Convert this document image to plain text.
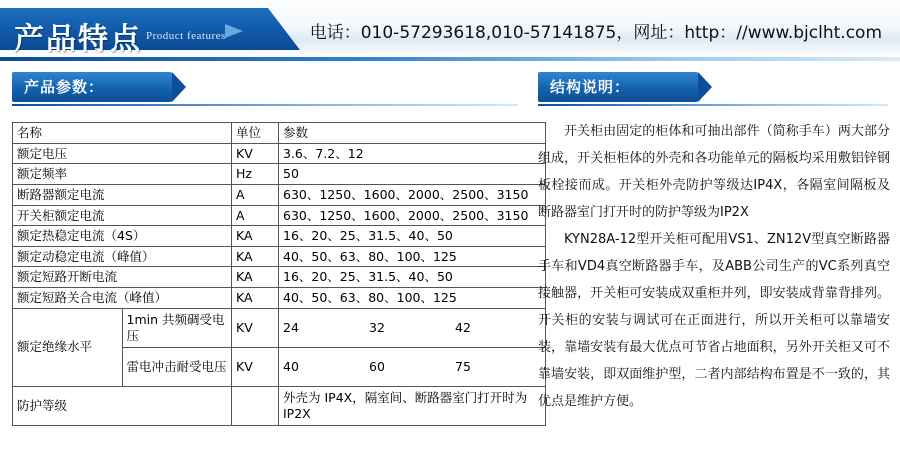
产品特点 Product features	电话：010-57293618,010-57141875，网址：http：//www.bjclht.com
产品参数：	结构说明：
名称	单位	参数
额定电压	KV	3.6、7.2、12
额定频率	Hz	50
断路器额定电流	A	630、1250、1600、2000、2500、3150
开关柜额定电流	A	630、1250、1600、2000、2500、3150
额定热稳定电流（4S）	KA	16、20、25、31.5、40、50
额定动稳定电流（峰值）	KA	40、50、63、80、100、125
额定短路开断电流	KA	16、20、25、31.5、40、50
额定短路关合电流（峰值）	KA	40、50、63、80、100、125
额定绝缘水平	1min 共频碉受电压	KV	24	32	42

雷电冲击耐受电压	KV	40	60	75

防护等级		外壳为 IP4X，隔室间、断路器室门打开时为IP2X

开关柜由固定的柜体和可抽出部件（简称手车）两大部分组成，开关柜柜体的外壳和各功能单元的隔板均采用敷铝锌钢板栓接而成。开关柜外壳防护等级达IP4X，各隔室间隔板及断路器室门打开时的防护等级为IP2X

KYN28A-12型开关柜可配用VS1、ZN12V型真空断路器手车和VD4真空断路器手车，及ABB公司生产的VC系列真空接触器，开关柜可安装成双重柜并列，即安装成背靠背排列。开关柜的安装与调试可在正面进行，所以开关柜可以靠墙安装，靠墙安装有最大优点可节省占地面积，另外开关柜又可不靠墙安装，即双面维护型，二者内部结构布置是不一致的，其优点是维护方便。
